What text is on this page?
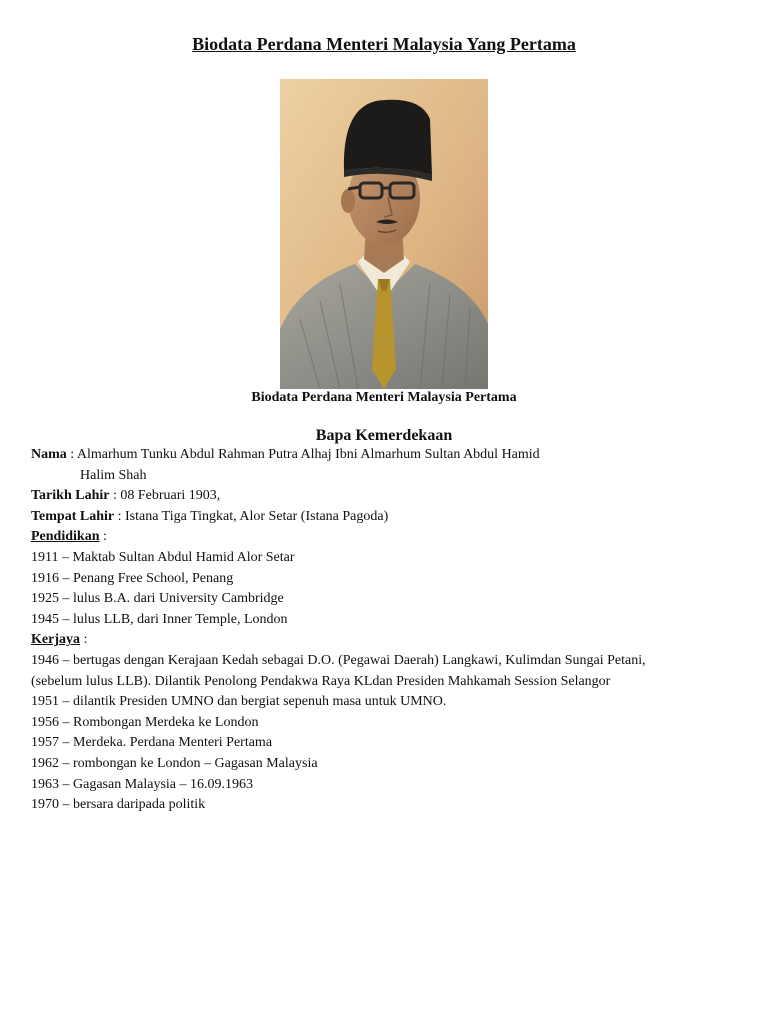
Biodata Perdana Menteri Malaysia Yang Pertama
Biodata Perdana Menteri Malaysia Pertama
Bapa Kemerdekaan
Nama : Almarhum Tunku Abdul Rahman Putra Alhaj Ibni Almarhum Sultan Abdul Hamid
Halim Shah
Tarikh Lahir : 08 Februari 1903,
Tempat Lahir : Istana Tiga Tingkat, Alor Setar (Istana Pagoda)
Pendidikan :
1911 – Maktab Sultan Abdul Hamid Alor Setar
1916 – Penang Free School, Penang
1925 – lulus B.A. dari University Cambridge
1945 – lulus LLB, dari Inner Temple, London
Kerjaya :
1946 – bertugas dengan Kerajaan Kedah sebagai D.O. (Pegawai Daerah) Langkawi, Kulimdan Sungai Petani,
(sebelum lulus LLB). Dilantik Penolong Pendakwa Raya KLdan Presiden Mahkamah Session Selangor
1951 – dilantik Presiden UMNO dan bergiat sepenuh masa untuk UMNO.
1956 – Rombongan Merdeka ke London
1957 – Merdeka. Perdana Menteri Pertama
1962 – rombongan ke London – Gagasan Malaysia
1963 – Gagasan Malaysia – 16.09.1963
1970 – bersara daripada politik
